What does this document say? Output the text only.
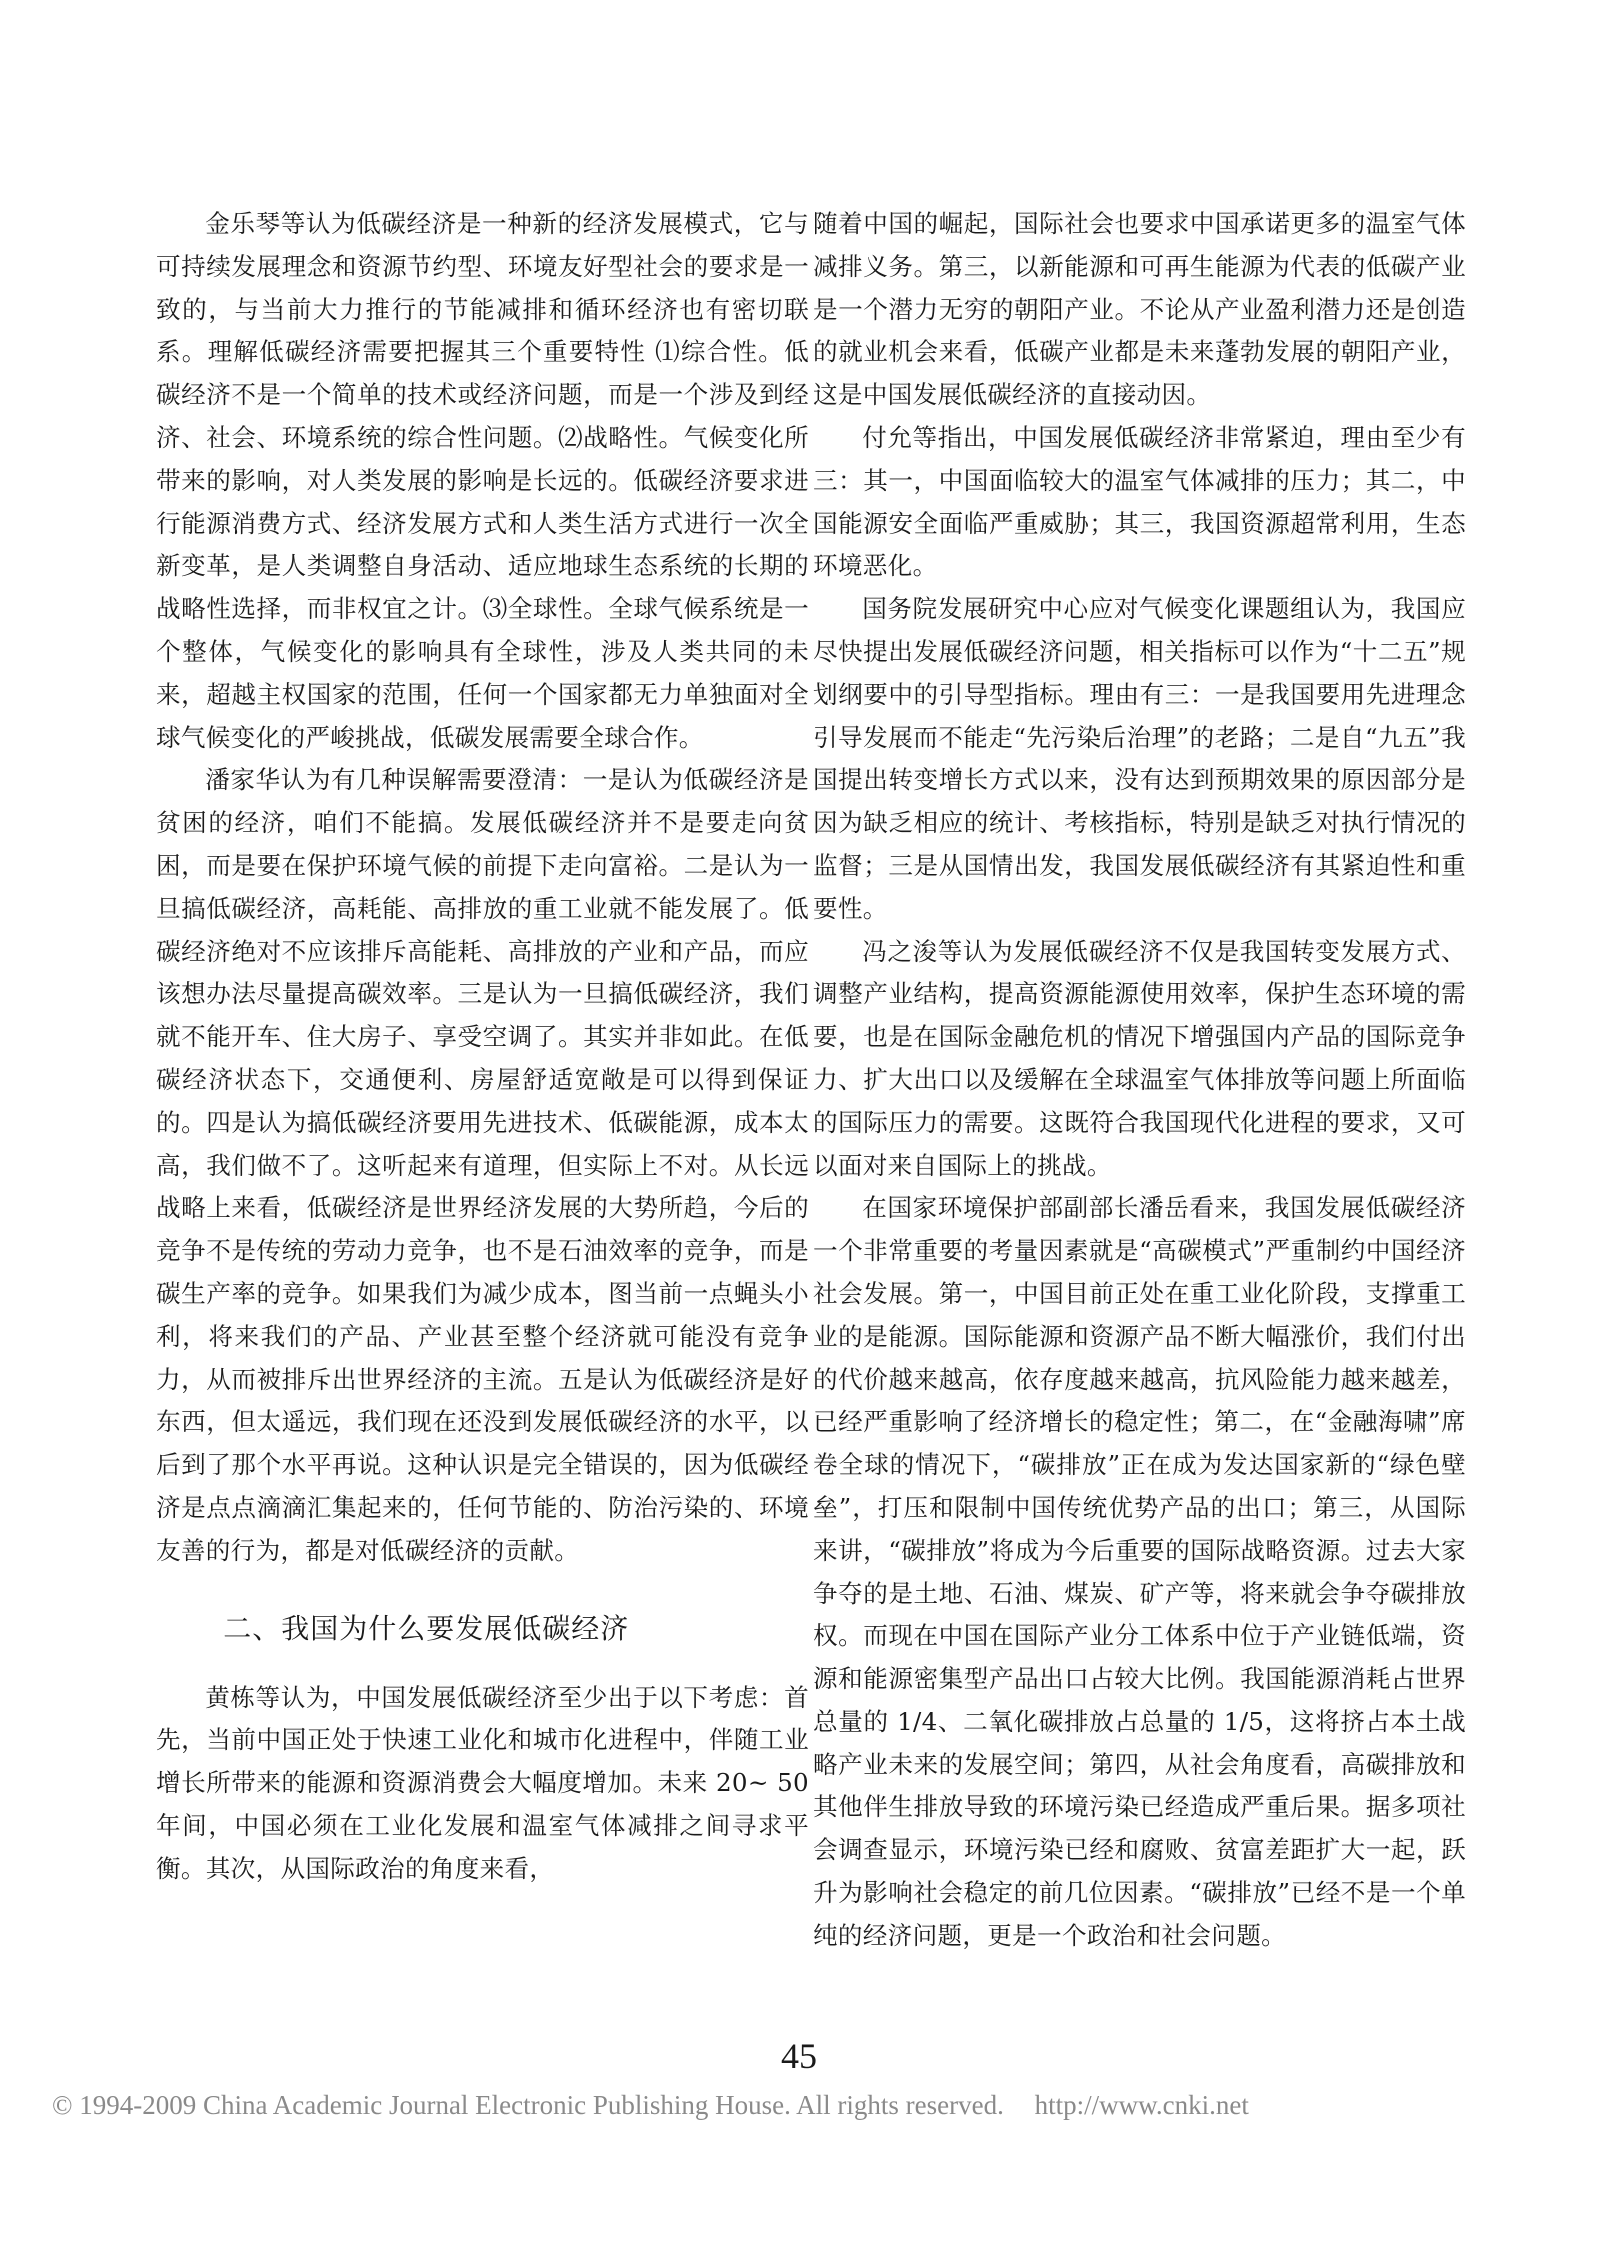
金乐琴等认为低碳经济是一种新的经济发展模式，它与可持续发展理念和资源节约型、环境友好型社会的要求是一致的，与当前大力推行的节能减排和循环经济也有密切联系。理解低碳经济需要把握其三个重要特性 ⑴综合性。低碳经济不是一个简单的技术或经济问题，而是一个涉及到经济、社会、环境系统的综合性问题。⑵战略性。气候变化所带来的影响，对人类发展的影响是长远的。低碳经济要求进行能源消费方式、经济发展方式和人类生活方式进行一次全新变革，是人类调整自身活动、适应地球生态系统的长期的战略性选择，而非权宜之计。⑶全球性。全球气候系统是一个整体，气候变化的影响具有全球性，涉及人类共同的未来，超越主权国家的范围，任何一个国家都无力单独面对全球气候变化的严峻挑战，低碳发展需要全球合作。

潘家华认为有几种误解需要澄清：一是认为低碳经济是贫困的经济，咱们不能搞。发展低碳经济并不是要走向贫困，而是要在保护环境气候的前提下走向富裕。二是认为一旦搞低碳经济，高耗能、高排放的重工业就不能发展了。低碳经济绝对不应该排斥高能耗、高排放的产业和产品，而应该想办法尽量提高碳效率。三是认为一旦搞低碳经济，我们就不能开车、住大房子、享受空调了。其实并非如此。在低碳经济状态下，交通便利、房屋舒适宽敞是可以得到保证的。四是认为搞低碳经济要用先进技术、低碳能源，成本太高，我们做不了。这听起来有道理，但实际上不对。从长远战略上来看，低碳经济是世界经济发展的大势所趋，今后的竞争不是传统的劳动力竞争，也不是石油效率的竞争，而是碳生产率的竞争。如果我们为减少成本，图当前一点蝇头小利，将来我们的产品、产业甚至整个经济就可能没有竞争力，从而被排斥出世界经济的主流。五是认为低碳经济是好东西，但太遥远，我们现在还没到发展低碳经济的水平，以后到了那个水平再说。这种认识是完全错误的，因为低碳经济是点点滴滴汇集起来的，任何节能的、防治污染的、环境友善的行为，都是对低碳经济的贡献。

二、我国为什么要发展低碳经济

黄栋等认为，中国发展低碳经济至少出于以下考虑：首先，当前中国正处于快速工业化和城市化进程中，伴随工业增长所带来的能源和资源消费会大幅度增加。未来 20~ 50年间，中国必须在工业化发展和温室气体减排之间寻求平衡。其次，从国际政治的角度来看，

随着中国的崛起，国际社会也要求中国承诺更多的温室气体减排义务。第三，以新能源和可再生能源为代表的低碳产业是一个潜力无穷的朝阳产业。不论从产业盈利潜力还是创造的就业机会来看，低碳产业都是未来蓬勃发展的朝阳产业，这是中国发展低碳经济的直接动因。

付允等指出，中国发展低碳经济非常紧迫，理由至少有三：其一，中国面临较大的温室气体减排的压力；其二，中国能源安全面临严重威胁；其三，我国资源超常利用，生态环境恶化。

国务院发展研究中心应对气候变化课题组认为，我国应尽快提出发展低碳经济问题，相关指标可以作为“十二五”规划纲要中的引导型指标。理由有三：一是我国要用先进理念引导发展而不能走“先污染后治理”的老路；二是自“九五”我国提出转变增长方式以来，没有达到预期效果的原因部分是因为缺乏相应的统计、考核指标，特别是缺乏对执行情况的监督；三是从国情出发，我国发展低碳经济有其紧迫性和重要性。

冯之浚等认为发展低碳经济不仅是我国转变发展方式、调整产业结构，提高资源能源使用效率，保护生态环境的需要，也是在国际金融危机的情况下增强国内产品的国际竞争力、扩大出口以及缓解在全球温室气体排放等问题上所面临的国际压力的需要。这既符合我国现代化进程的要求，又可以面对来自国际上的挑战。

在国家环境保护部副部长潘岳看来，我国发展低碳经济一个非常重要的考量因素就是“高碳模式”严重制约中国经济社会发展。第一，中国目前正处在重工业化阶段，支撑重工业的是能源。国际能源和资源产品不断大幅涨价，我们付出的代价越来越高，依存度越来越高，抗风险能力越来越差，已经严重影响了经济增长的稳定性；第二，在“金融海啸”席卷全球的情况下，“碳排放”正在成为发达国家新的“绿色壁垒”，打压和限制中国传统优势产品的出口；第三，从国际来讲，“碳排放”将成为今后重要的国际战略资源。过去大家争夺的是土地、石油、煤炭、矿产等，将来就会争夺碳排放权。而现在中国在国际产业分工体系中位于产业链低端，资源和能源密集型产品出口占较大比例。我国能源消耗占世界总量的 1/4、二氧化碳排放占总量的 1/5，这将挤占本土战略产业未来的发展空间；第四，从社会角度看，高碳排放和其他伴生排放导致的环境污染已经造成严重后果。据多项社会调查显示，环境污染已经和腐败、贫富差距扩大一起，跃升为影响社会稳定的前几位因素。“碳排放”已经不是一个单纯的经济问题，更是一个政治和社会问题。

45
© 1994-2009 China Academic Journal Electronic Publishing House. All rights reserved. http://www.cnki.net
